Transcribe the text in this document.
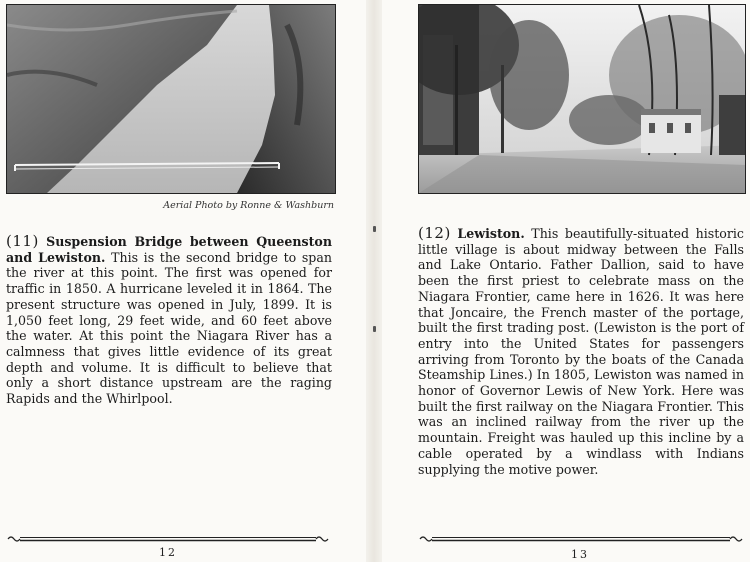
Aerial Photo by Ronne & Washburn
(11) Suspension Bridge between Queenston and Lewiston. This is the second bridge to span the river at this point. The first was opened for traffic in 1850. A hurricane leveled it in 1864. The present structure was opened in July, 1899. It is 1,050 feet long, 29 feet wide, and 60 feet above the water. At this point the Niagara River has a calmness that gives little evidence of its great depth and volume. It is difficult to believe that only a short distance upstream are the raging Rapids and the Whirlpool.
12
(12) Lewiston. This beautifully-situated historic little village is about midway between the Falls and Lake Ontario. Father Dallion, said to have been the first priest to celebrate mass on the Niagara Frontier, came here in 1626. It was here that Joncaire, the French master of the portage, built the first trading post. (Lewiston is the port of entry into the United States for passengers arriving from Toronto by the boats of the Canada Steamship Lines.) In 1805, Lewiston was named in honor of Governor Lewis of New York. Here was built the first railway on the Niagara Frontier. This was an inclined railway from the river up the mountain. Freight was hauled up this incline by a cable operated by a windlass with Indians supplying the motive power.
13
